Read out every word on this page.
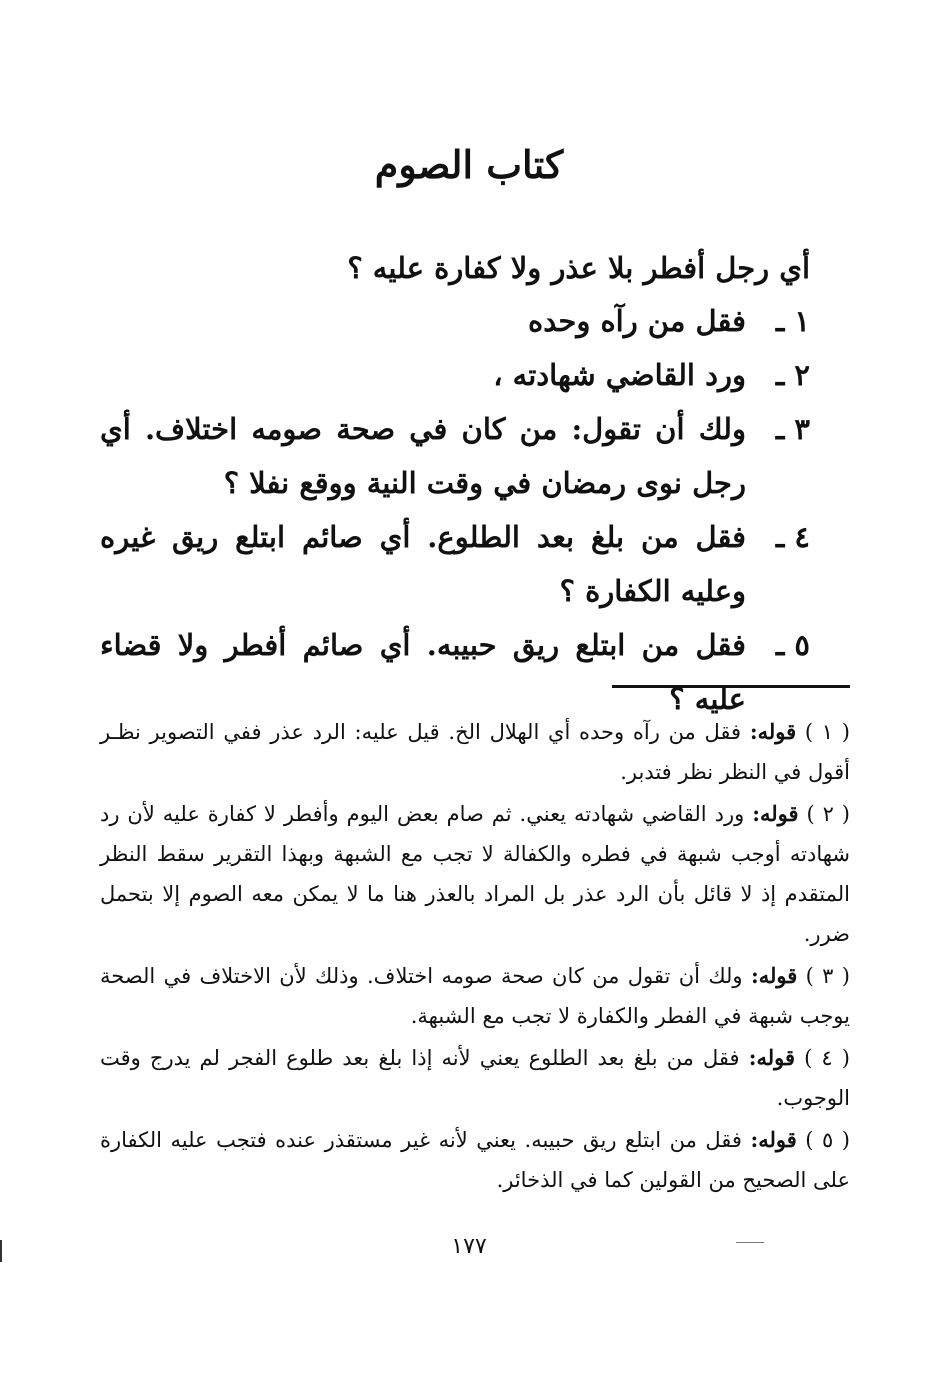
كتاب الصوم

أي رجل أفطر بلا عذر ولا كفارة عليه ؟

١ ـ
فقل من رآه وحده
٢ ـ
ورد القاضي شهادته ،
٣ ـ
ولك أن تقول: من كان في صحة صومه اختلاف. أي رجل نوى رمضان في وقت النية ووقع نفلا ؟
٤ ـ
فقل من بلغ بعد الطلوع. أي صائم ابتلع ريق غيره وعليه الكفارة ؟
٥ ـ
فقل من ابتلع ريق حبيبه. أي صائم أفطر ولا قضاء عليه ؟

( ١ ) قوله: فقل من رآه وحده أي الهلال الخ. قيل عليه: الرد عذر ففي التصوير نظـر أقول في النظر نظر فتدبر.

( ٢ ) قوله: ورد القاضي شهادته يعني. ثم صام بعض اليوم وأفطر لا كفارة عليه لأن رد شهادته أوجب شبهة في فطره والكفالة لا تجب مع الشبهة وبهذا التقرير سقط النظر المتقدم إذ لا قائل بأن الرد عذر بل المراد بالعذر هنا ما لا يمكن معه الصوم إلا بتحمل ضرر.

( ٣ ) قوله: ولك أن تقول من كان صحة صومه اختلاف. وذلك لأن الاختلاف في الصحة يوجب شبهة في الفطر والكفارة لا تجب مع الشبهة.

( ٤ ) قوله: فقل من بلغ بعد الطلوع يعني لأنه إذا بلغ بعد طلوع الفجر لم يدرج وقت الوجوب.

( ٥ ) قوله: فقل من ابتلع ريق حبيبه. يعني لأنه غير مستقذر عنده فتجب عليه الكفارة على الصحيح من القولين كما في الذخائر.

١٧٧
